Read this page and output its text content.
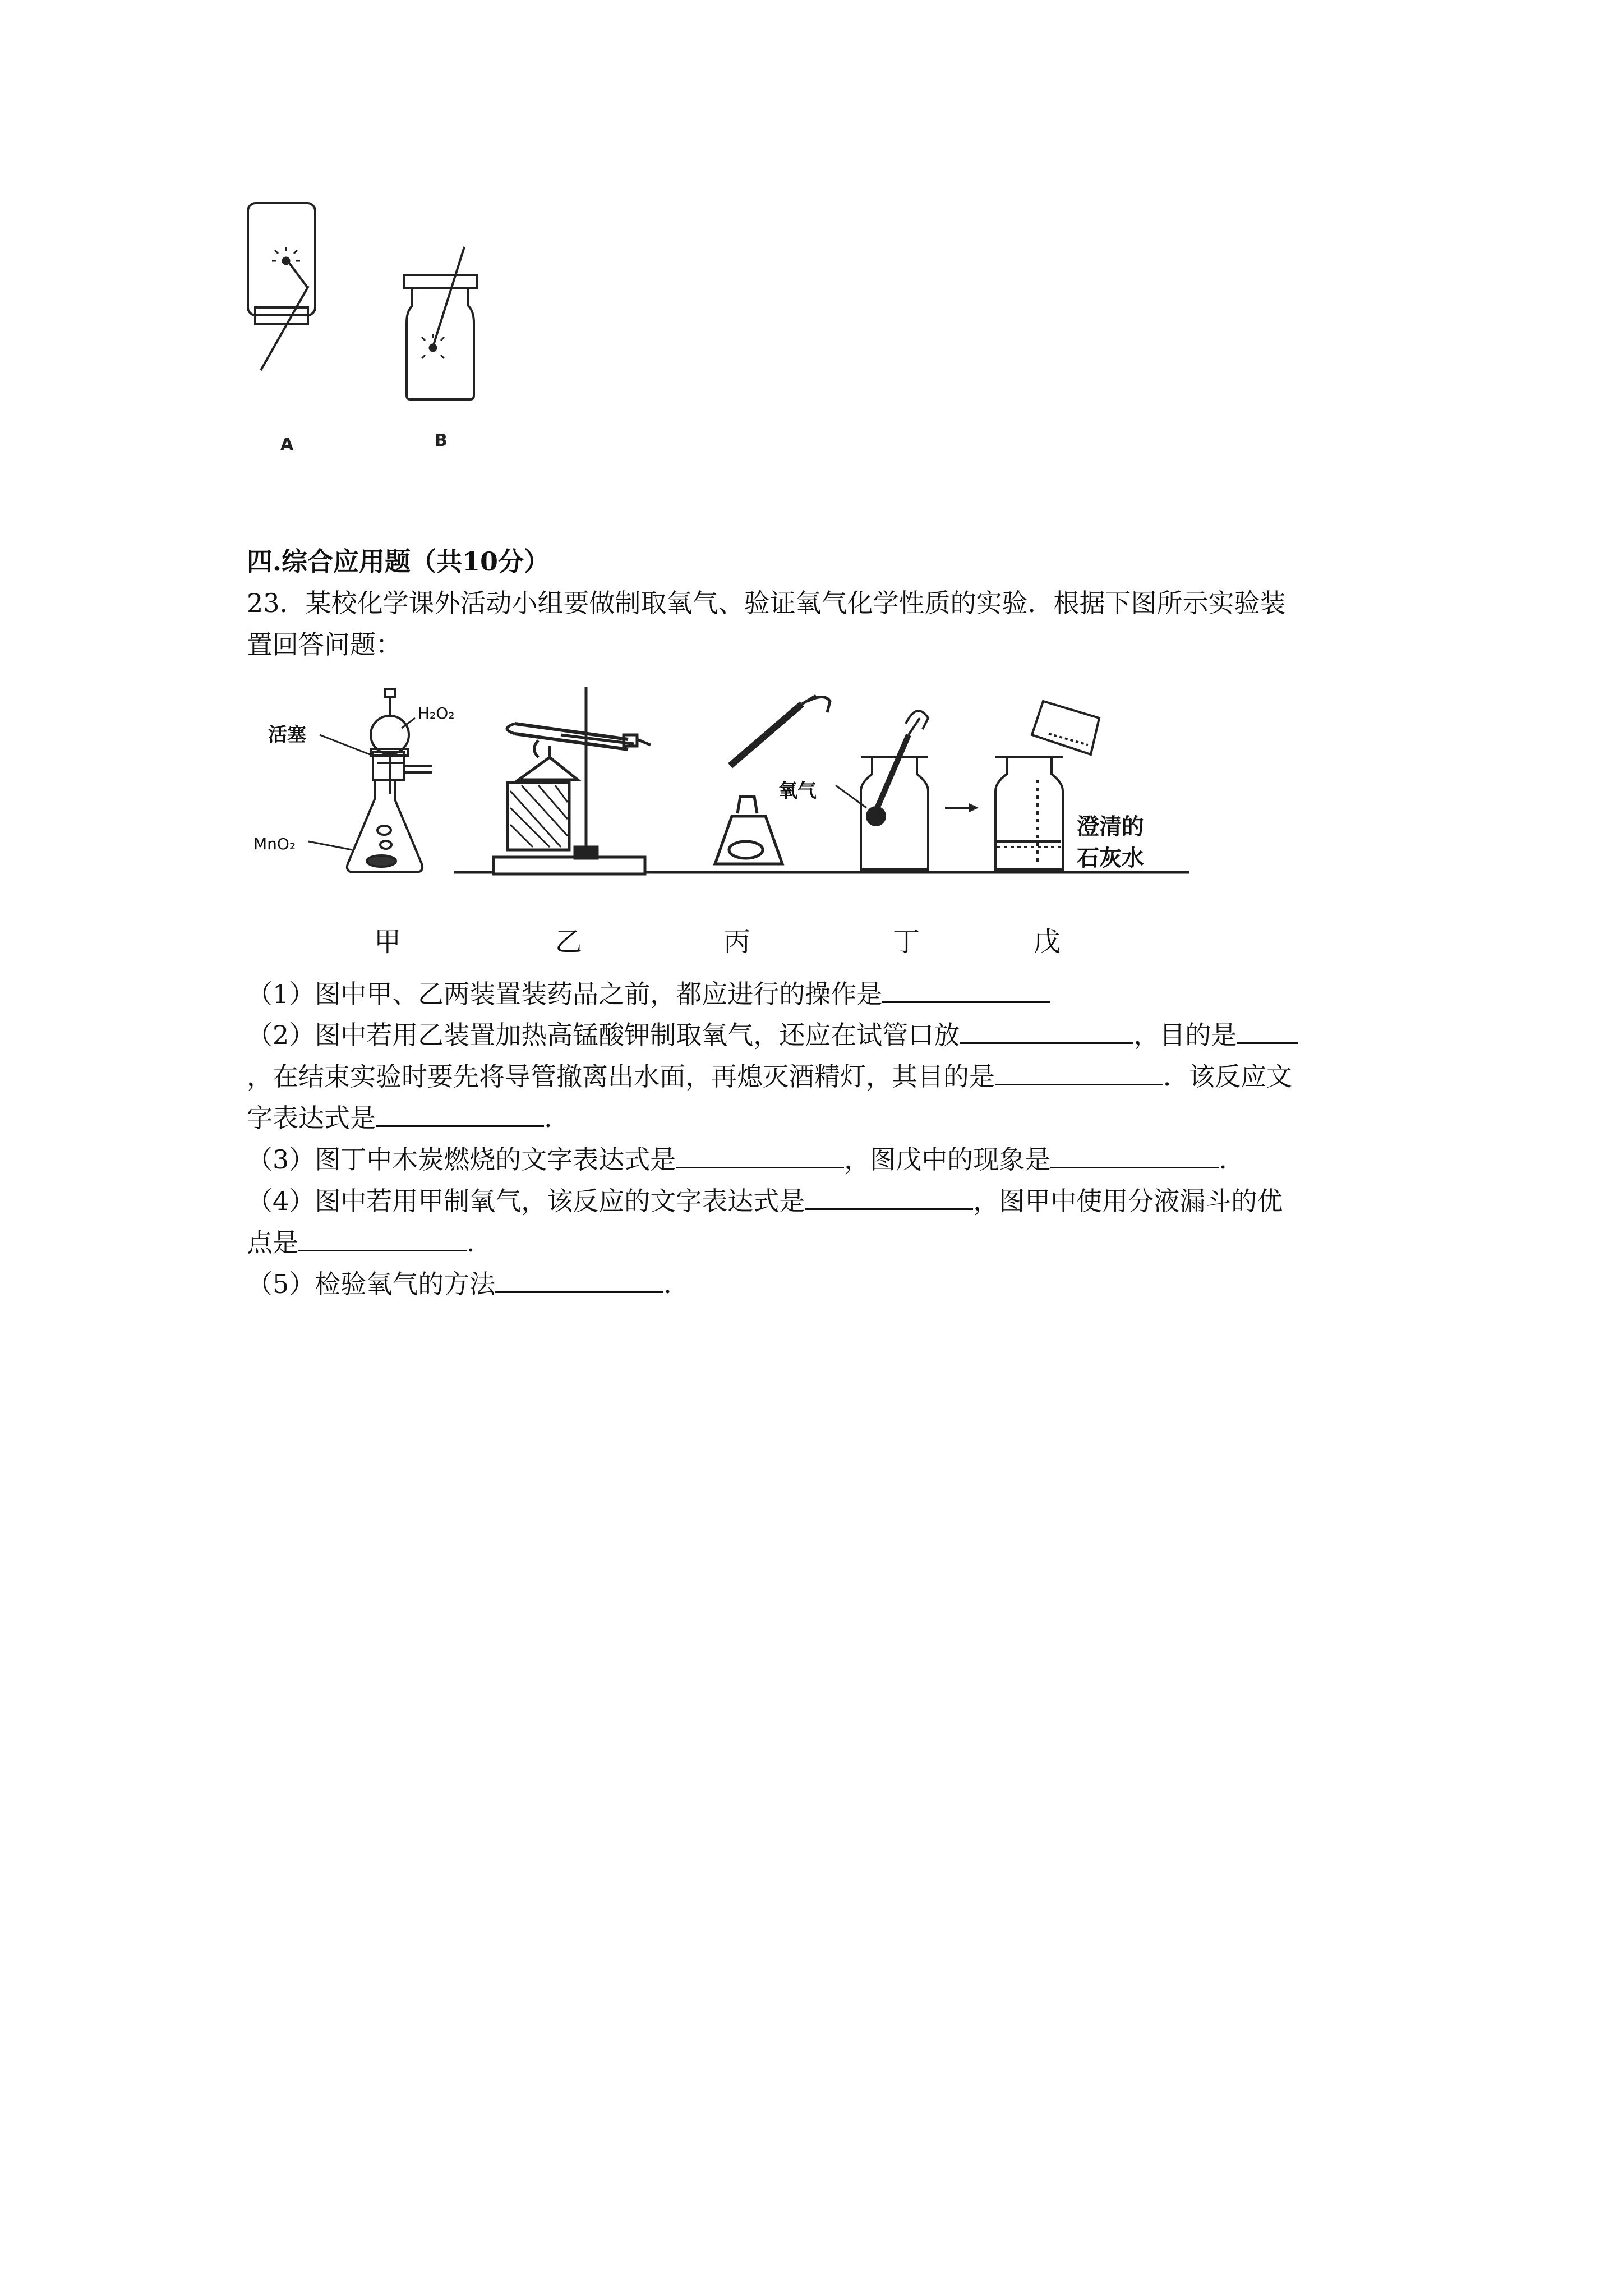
A	B
四.综合应用题（共10分）
23．某校化学课外活动小组要做制取氧气、验证氧气化学性质的实验．根据下图所示实验装
置回答问题：
活塞
H₂O₂
MnO₂
氧气
澄清的
石灰水
甲	乙	丙	丁	戊
（1）图中甲、乙两装置装药品之前，都应进行的操作是
（2）图中若用乙装置加热高锰酸钾制取氧气，还应在试管口放	，目的是
，在结束实验时要先将导管撤离出水面，再熄灭酒精灯，其目的是	．该反应文
字表达式是	.
（3）图丁中木炭燃烧的文字表达式是	，图戊中的现象是	.
（4）图中若用甲制氧气，该反应的文字表达式是	，图甲中使用分液漏斗的优
点是	.
（5）检验氧气的方法	.
